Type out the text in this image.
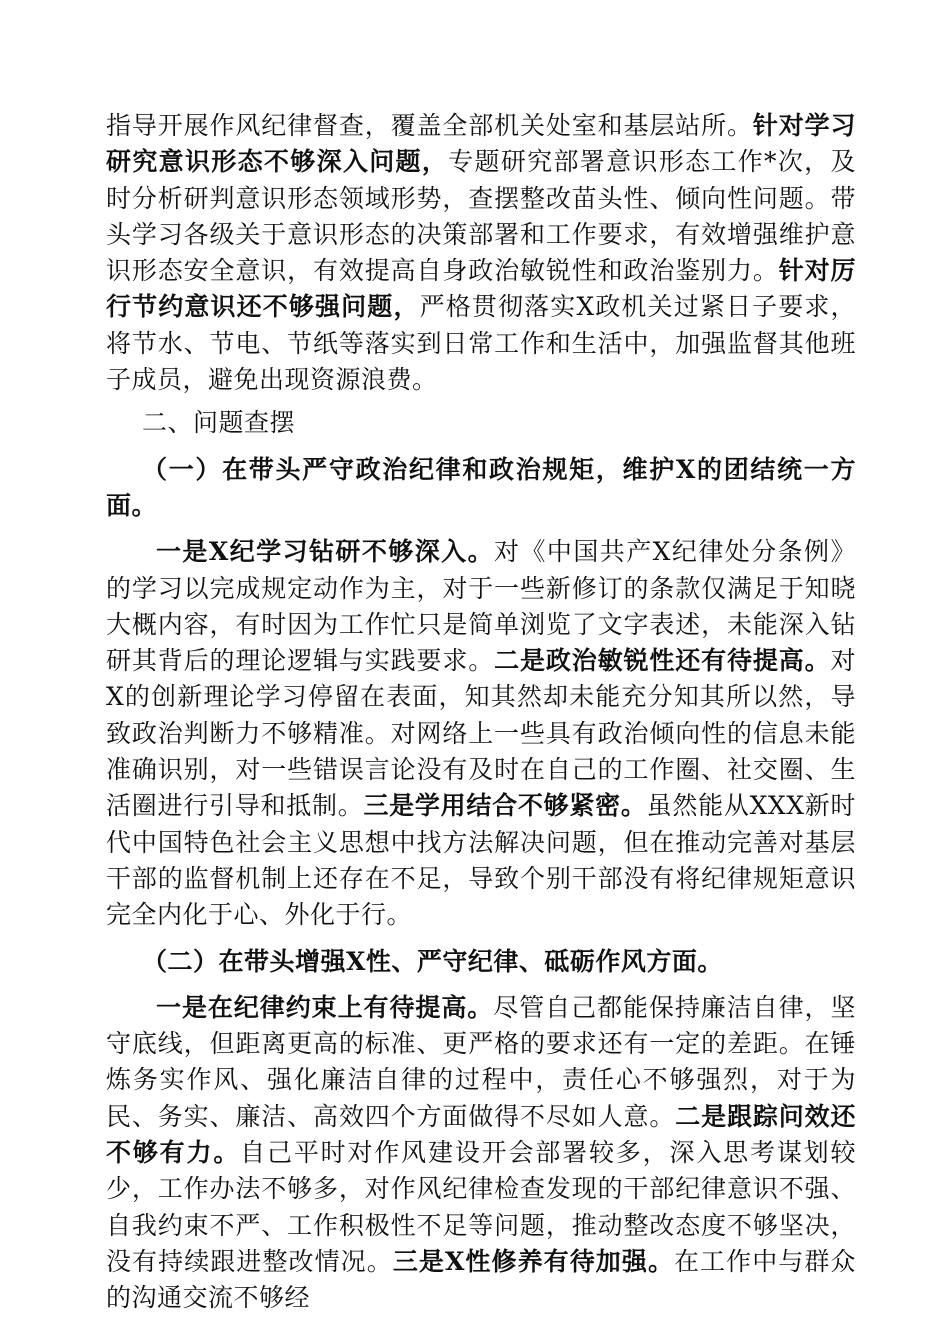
指导开展作风纪律督查，覆盖全部机关处室和基层站所。针对学习研究意识形态不够深入问题，专题研究部署意识形态工作*次，及时分析研判意识形态领域形势，查摆整改苗头性、倾向性问题。带头学习各级关于意识形态的决策部署和工作要求，有效增强维护意识形态安全意识，有效提高自身政治敏锐性和政治鉴别力。针对厉行节约意识还不够强问题，严格贯彻落实X政机关过紧日子要求，将节水、节电、节纸等落实到日常工作和生活中，加强监督其他班子成员，避免出现资源浪费。

二、问题查摆

（一）在带头严守政治纪律和政治规矩，维护X的团结统一方面。

一是X纪学习钻研不够深入。对《中国共产X纪律处分条例》的学习以完成规定动作为主，对于一些新修订的条款仅满足于知晓大概内容，有时因为工作忙只是简单浏览了文字表述，未能深入钻研其背后的理论逻辑与实践要求。二是政治敏锐性还有待提高。对X的创新理论学习停留在表面，知其然却未能充分知其所以然，导致政治判断力不够精准。对网络上一些具有政治倾向性的信息未能准确识别，对一些错误言论没有及时在自己的工作圈、社交圈、生活圈进行引导和抵制。三是学用结合不够紧密。虽然能从XXX新时代中国特色社会主义思想中找方法解决问题，但在推动完善对基层干部的监督机制上还存在不足，导致个别干部没有将纪律规矩意识完全内化于心、外化于行。

（二）在带头增强X性、严守纪律、砥砺作风方面。

一是在纪律约束上有待提高。尽管自己都能保持廉洁自律，坚守底线，但距离更高的标准、更严格的要求还有一定的差距。在锤炼务实作风、强化廉洁自律的过程中，责任心不够强烈，对于为民、务实、廉洁、高效四个方面做得不尽如人意。二是跟踪问效还不够有力。自己平时对作风建设开会部署较多，深入思考谋划较少，工作办法不够多，对作风纪律检查发现的干部纪律意识不强、自我约束不严、工作积极性不足等问题，推动整改态度不够坚决，没有持续跟进整改情况。三是X性修养有待加强。在工作中与群众的沟通交流不够经
